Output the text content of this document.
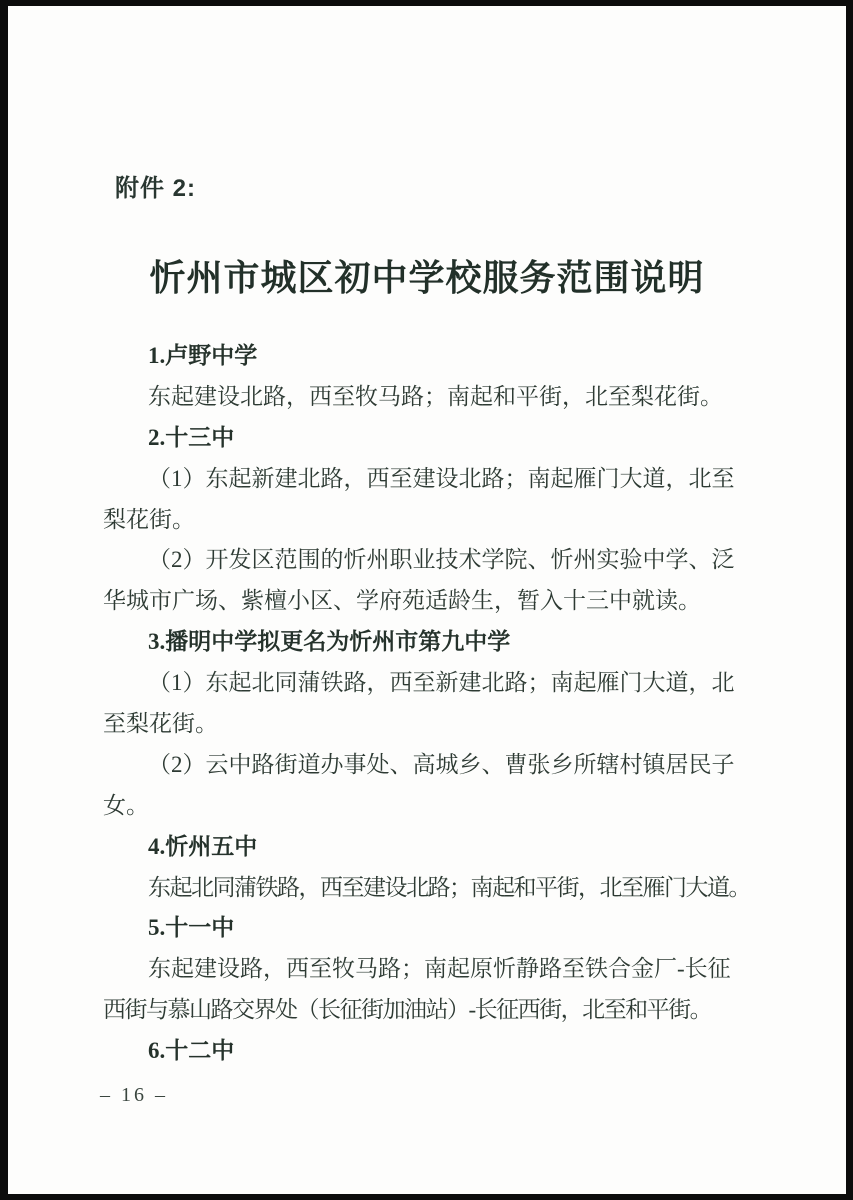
附件 2:
忻州市城区初中学校服务范围说明
1.卢野中学
东起建设北路，西至牧马路；南起和平街，北至梨花街。
2.十三中
（1）东起新建北路，西至建设北路；南起雁门大道，北至
梨花街。
（2）开发区范围的忻州职业技术学院、忻州实验中学、泛
华城市广场、紫檀小区、学府苑适龄生，暂入十三中就读。
3.播明中学拟更名为忻州市第九中学
（1）东起北同蒲铁路，西至新建北路；南起雁门大道，北
至梨花街。
（2）云中路街道办事处、高城乡、曹张乡所辖村镇居民子
女。
4.忻州五中
东起北同蒲铁路，西至建设北路；南起和平街，北至雁门大道。
5.十一中
东起建设路，西至牧马路；南起原忻静路至铁合金厂-长征
西街与慕山路交界处（长征街加油站）-长征西街，北至和平街。
6.十二中
– 16 –
